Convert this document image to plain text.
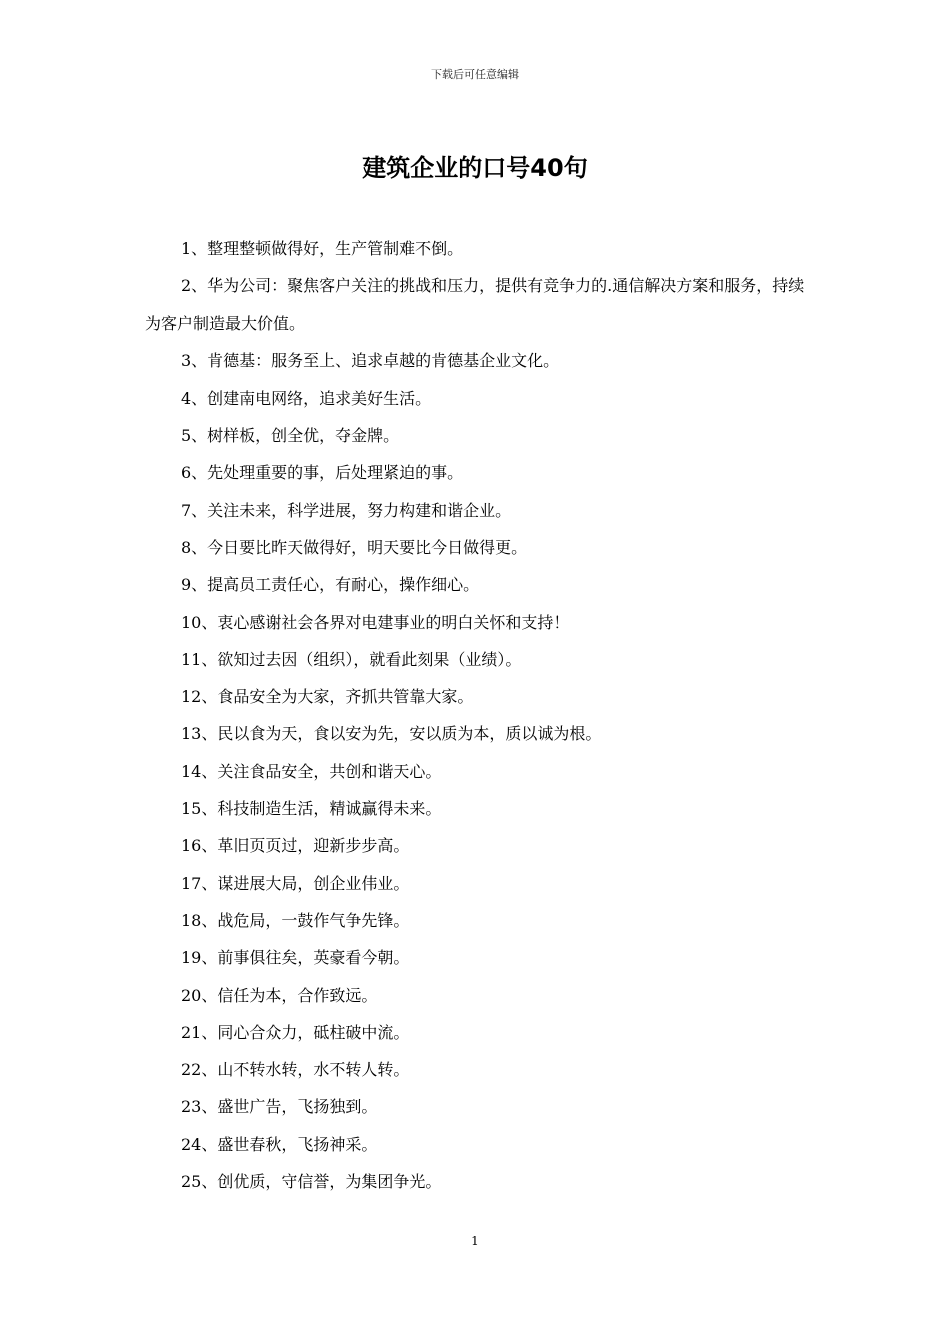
下载后可任意编辑
建筑企业的口号40句
1、整理整顿做得好，生产管制难不倒。
2、华为公司：聚焦客户关注的挑战和压力，提供有竞争力的.通信解决方案和服务，持续为客户制造最大价值。
3、肯德基：服务至上、追求卓越的肯德基企业文化。
4、创建南电网络，追求美好生活。
5、树样板，创全优，夺金牌。
6、先处理重要的事，后处理紧迫的事。
7、关注未来，科学进展，努力构建和谐企业。
8、今日要比昨天做得好，明天要比今日做得更。
9、提高员工责任心，有耐心，操作细心。
10、衷心感谢社会各界对电建事业的明白关怀和支持！
11、欲知过去因（组织），就看此刻果（业绩）。
12、食品安全为大家，齐抓共管靠大家。
13、民以食为天，食以安为先，安以质为本，质以诚为根。
14、关注食品安全，共创和谐天心。
15、科技制造生活，精诚赢得未来。
16、革旧页页过，迎新步步高。
17、谋进展大局，创企业伟业。
18、战危局，一鼓作气争先锋。
19、前事俱往矣，英豪看今朝。
20、信任为本，合作致远。
21、同心合众力，砥柱破中流。
22、山不转水转，水不转人转。
23、盛世广告，飞扬独到。
24、盛世春秋，飞扬神采。
25、创优质，守信誉，为集团争光。
1
